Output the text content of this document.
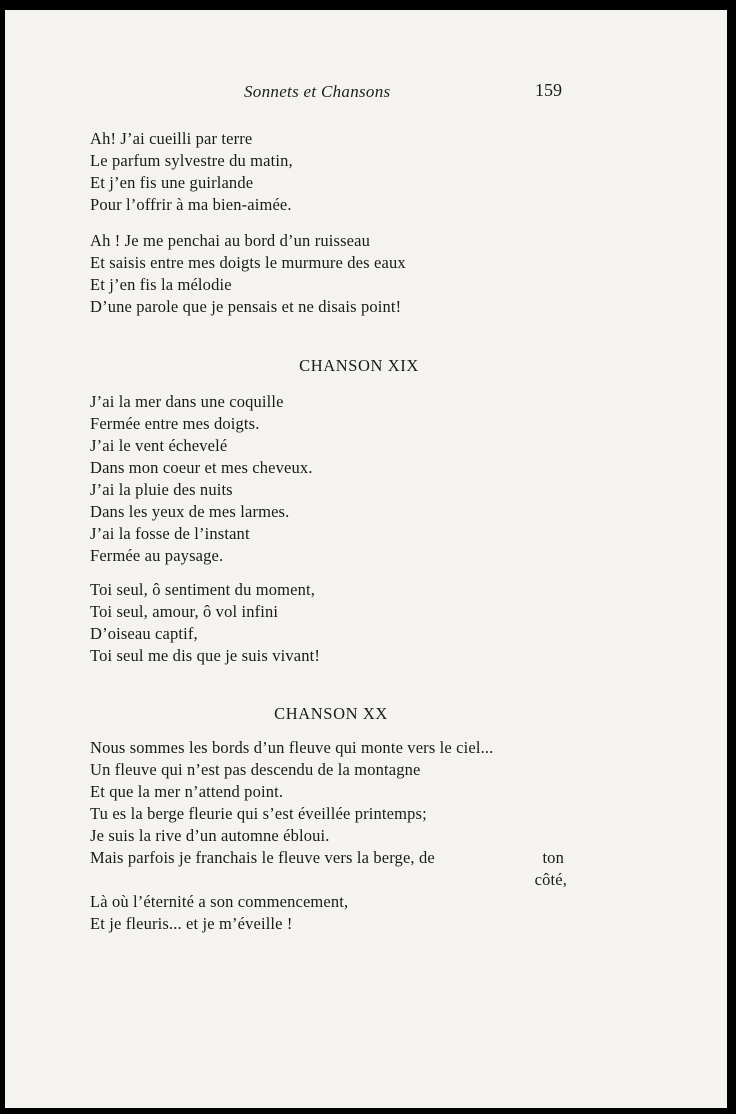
Sonnets et Chansons	159
Ah! J’ai cueilli par terre
Le parfum sylvestre du matin,
Et j’en fis une guirlande
Pour l’offrir à ma bien-aimée.
Ah ! Je me penchai au bord d’un ruisseau
Et saisis entre mes doigts le murmure des eaux
Et j’en fis la mélodie
D’une parole que je pensais et ne disais point!
CHANSON XIX
J’ai la mer dans une coquille
Fermée entre mes doigts.
J’ai le vent échevelé
Dans mon coeur et mes cheveux.
J’ai la pluie des nuits
Dans les yeux de mes larmes.
J’ai la fosse de l’instant
Fermée au paysage.
Toi seul, ô sentiment du moment,
Toi seul, amour, ô vol infini
D’oiseau captif,
Toi seul me dis que je suis vivant!
CHANSON XX
Nous sommes les bords d’un fleuve qui monte vers le ciel...
Un fleuve qui n’est pas descendu de la montagne
Et que la mer n’attend point.
Tu es la berge fleurie qui s’est éveillée printemps;
Je suis la rive d’un automne ébloui.
Mais parfois je franchais le fleuve vers la berge, de	ton
côté,
Là où l’éternité a son commencement,
Et je fleuris... et je m’éveille !
